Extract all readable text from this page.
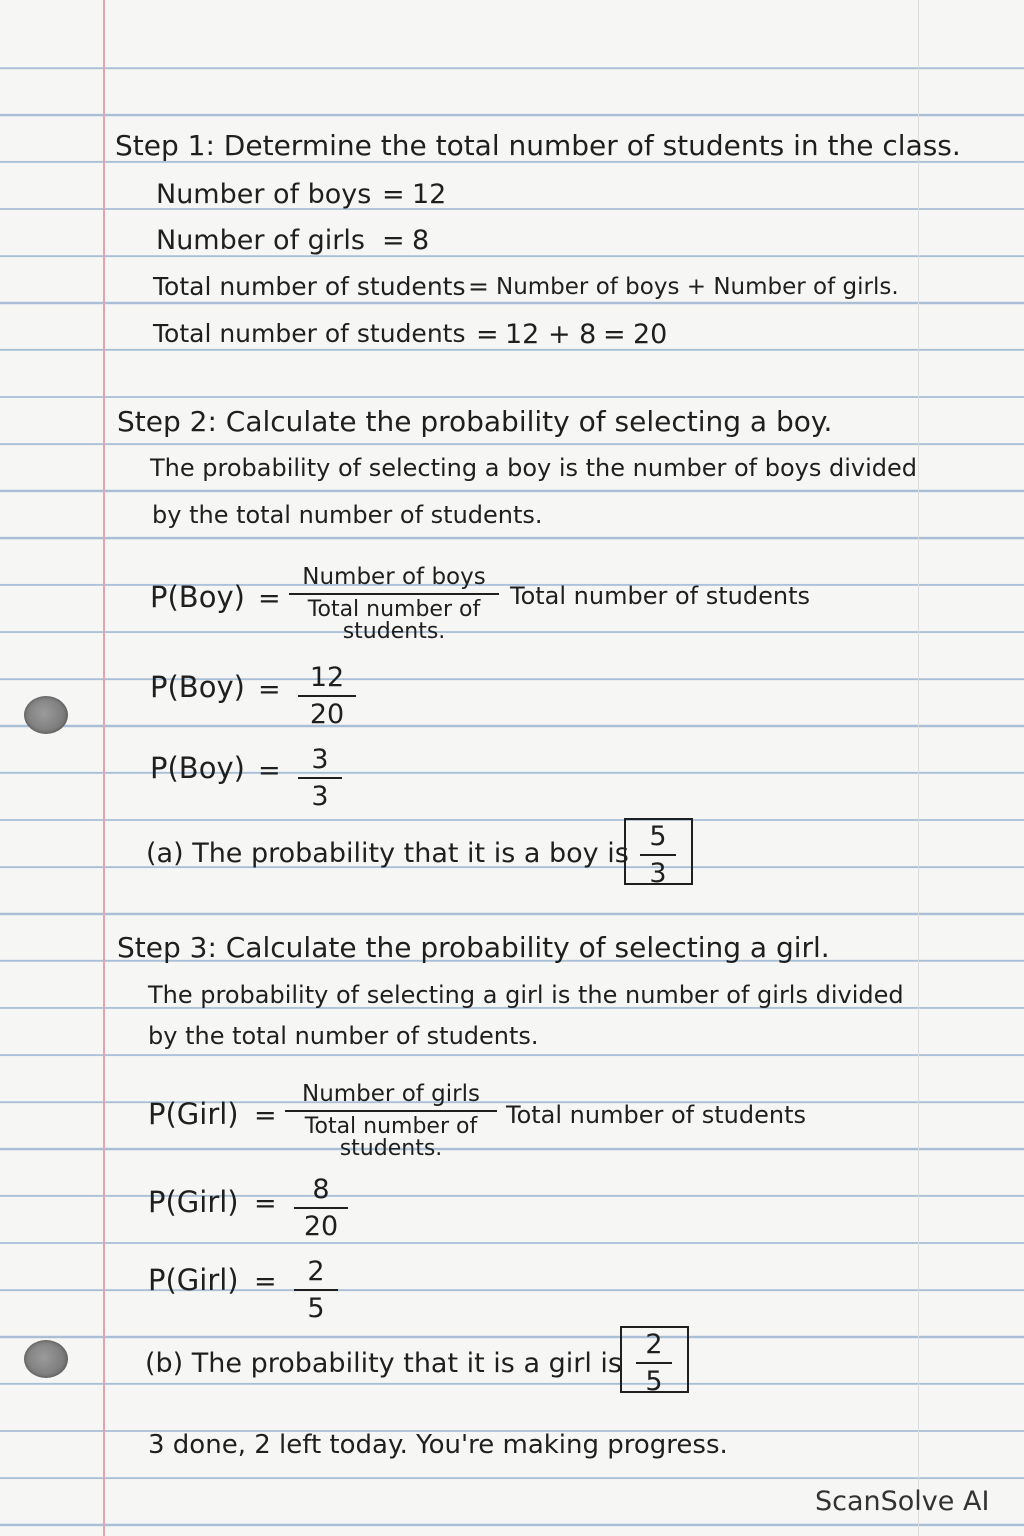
Step 1: Determine the total number of students in the class.
Number of boys = 12
Number of girls = 8
Total number of students = Number of boys + Number of girls.
Total number of students = 12 + 8 = 20
Step 2: Calculate the probability of selecting a boy.
The probability of selecting a boy is the number of boys divided
by the total number of students.
P(Boy) =
Number of boys
Total number of students.
Total number of students
P(Boy) =	12
20
P(Boy) =	3
3
(a) The probability that it is a boy is
5
3
Step 3: Calculate the probability of selecting a girl.
The probability of selecting a girl is the number of girls divided
by the total number of students.
P(Girl) =
Number of girls
Total number of students.
Total number of students
P(Girl) =	8
20
P(Girl) =	2
5
(b) The probability that it is a girl is
2
5
3 done, 2 left today. You're making progress.
ScanSolve AI
